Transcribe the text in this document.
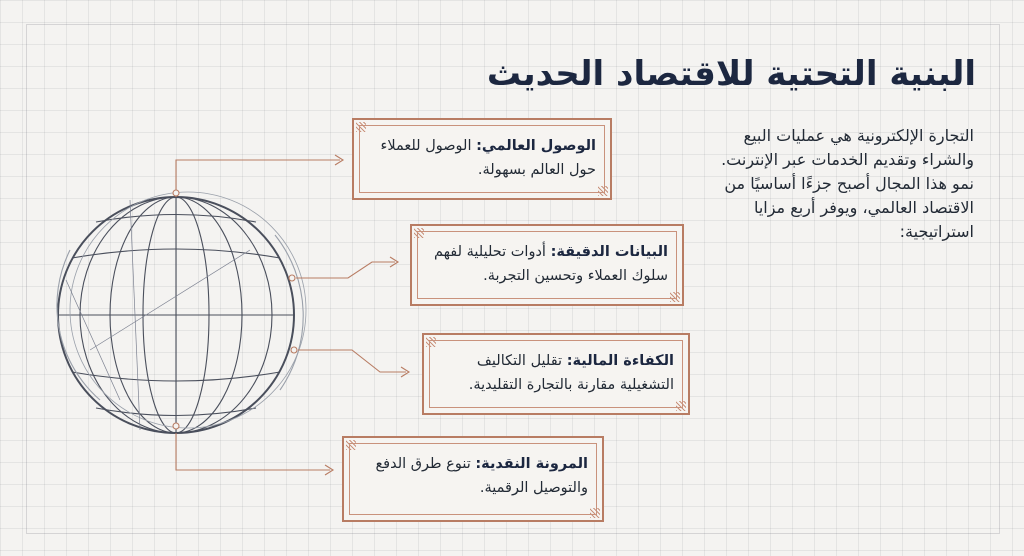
البنية التحتية للاقتصاد الحديث
التجارة الإلكترونية هي عمليات البيع والشراء وتقديم الخدمات عبر الإنترنت. نمو هذا المجال أصبح جزءًا أساسيًا من الاقتصاد العالمي، ويوفر أربع مزايا استراتيجية:
الوصول العالمي: الوصول للعملاء حول العالم بسهولة.
البيانات الدقيقة: أدوات تحليلية لفهم سلوك العملاء وتحسين التجربة.
الكفاءة المالية: تقليل التكاليف التشغيلية مقارنة بالتجارة التقليدية.
المرونة النقدية: تنوع طرق الدفع والتوصيل الرقمية.
